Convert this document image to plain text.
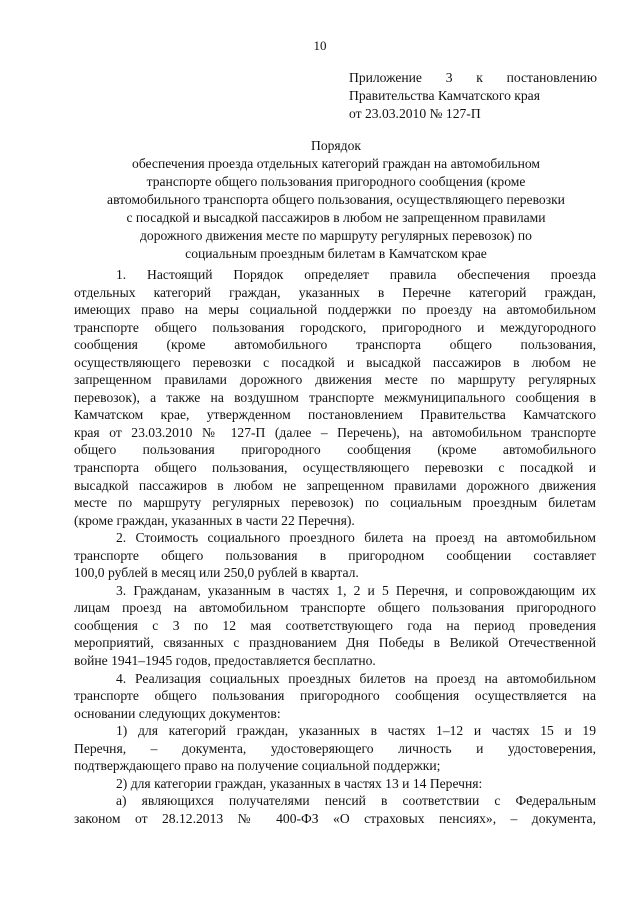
10
Приложение 3 к постановлению
Правительства Камчатского края
от 23.03.2010 № 127-П
Порядок
обеспечения проезда отдельных категорий граждан на автомобильном
транспорте общего пользования пригородного сообщения (кроме
автомобильного транспорта общего пользования, осуществляющего перевозки
с посадкой и высадкой пассажиров в любом не запрещенном правилами
дорожного движения месте по маршруту регулярных перевозок) по
социальным проездным билетам в Камчатском крае
1. Настоящий Порядок определяет правила обеспечения проезда
отдельных категорий граждан, указанных в Перечне категорий граждан,
имеющих право на меры социальной поддержки по проезду на автомобильном
транспорте общего пользования городского, пригородного и междугородного
сообщения (кроме автомобильного транспорта общего пользования,
осуществляющего перевозки с посадкой и высадкой пассажиров в любом не
запрещенном правилами дорожного движения месте по маршруту регулярных
перевозок), а также на воздушном транспорте межмуниципального сообщения в
Камчатском крае, утвержденном постановлением Правительства Камчатского
края от 23.03.2010 № 127-П (далее – Перечень), на автомобильном транспорте
общего пользования пригородного сообщения (кроме автомобильного
транспорта общего пользования, осуществляющего перевозки с посадкой и
высадкой пассажиров в любом не запрещенном правилами дорожного движения
месте по маршруту регулярных перевозок) по социальным проездным билетам
(кроме граждан, указанных в части 22 Перечня).
2. Стоимость социального проездного билета на проезд на автомобильном
транспорте общего пользования в пригородном сообщении составляет
100,0 рублей в месяц или 250,0 рублей в квартал.
3. Гражданам, указанным в частях 1, 2 и 5 Перечня, и сопровождающим их
лицам проезд на автомобильном транспорте общего пользования пригородного
сообщения с 3 по 12 мая соответствующего года на период проведения
мероприятий, связанных с празднованием Дня Победы в Великой Отечественной
войне 1941–1945 годов, предоставляется бесплатно.
4. Реализация социальных проездных билетов на проезд на автомобильном
транспорте общего пользования пригородного сообщения осуществляется на
основании следующих документов:
1) для категорий граждан, указанных в частях 1–12 и частях 15 и 19
Перечня, – документа, удостоверяющего личность и удостоверения,
подтверждающего право на получение социальной поддержки;
2) для категории граждан, указанных в частях 13 и 14 Перечня:
а) являющихся получателями пенсий в соответствии с Федеральным
законом от 28.12.2013 № 400-ФЗ «О страховых пенсиях», – документа,
